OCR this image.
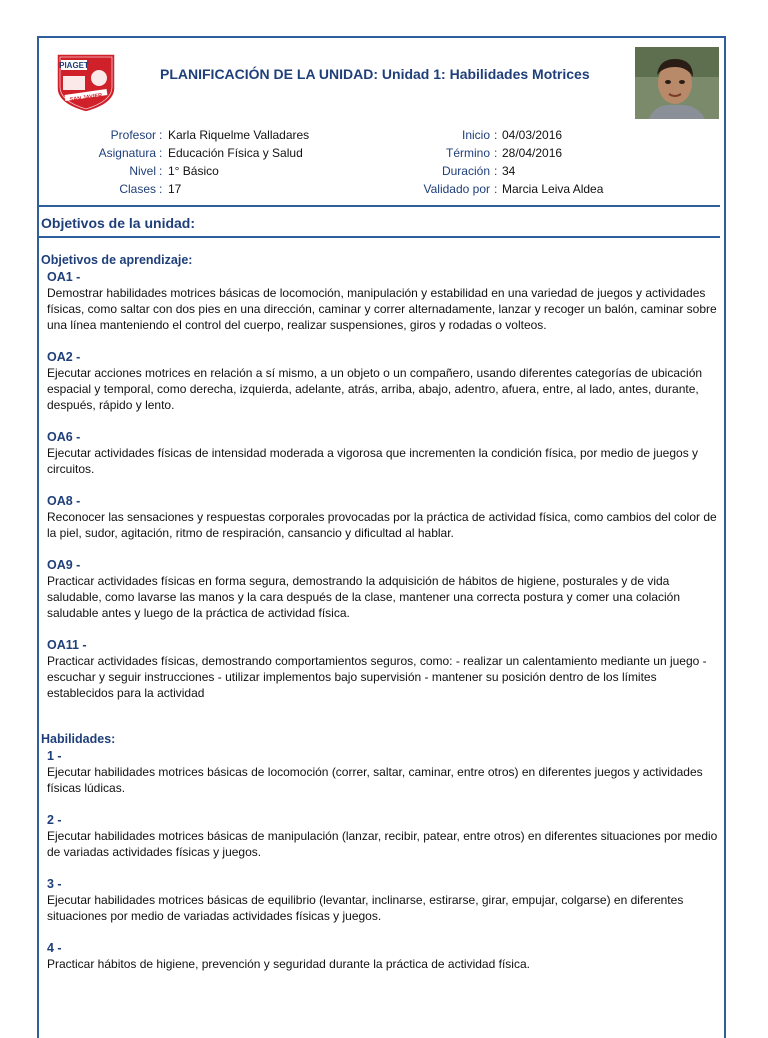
PIAGET
SAN JAVIER
PLANIFICACIÓN DE LA UNIDAD: Unidad 1: Habilidades Motrices
Profesor : Karla Riquelme Valladares	Inicio : 04/03/2016
Asignatura : Educación Física y Salud	Término : 28/04/2016
Nivel : 1° Básico	Duración : 34
Clases : 17	Validado por : Marcia Leiva Aldea
Objetivos de la unidad:
Objetivos de aprendizaje:
OA1 -
Demostrar habilidades motrices básicas de locomoción, manipulación y estabilidad en una variedad de juegos y actividades físicas, como saltar con dos pies en una dirección, caminar y correr alternadamente, lanzar y recoger un balón, caminar sobre una línea manteniendo el control del cuerpo, realizar suspensiones, giros y rodadas o volteos.
OA2 -
Ejecutar acciones motrices en relación a sí mismo, a un objeto o un compañero, usando diferentes categorías de ubicación espacial y temporal, como derecha, izquierda, adelante, atrás, arriba, abajo, adentro, afuera, entre, al lado, antes, durante, después, rápido y lento.
OA6 -
Ejecutar actividades físicas de intensidad moderada a vigorosa que incrementen la condición física, por medio de juegos y circuitos.
OA8 -
Reconocer las sensaciones y respuestas corporales provocadas por la práctica de actividad física, como cambios del color de la piel, sudor, agitación, ritmo de respiración, cansancio y dificultad al hablar.
OA9 -
Practicar actividades físicas en forma segura, demostrando la adquisición de hábitos de higiene, posturales y de vida saludable, como lavarse las manos y la cara después de la clase, mantener una correcta postura y comer una colación saludable antes y luego de la práctica de actividad física.
OA11 -
Practicar actividades físicas, demostrando comportamientos seguros, como: - realizar un calentamiento mediante un juego - escuchar y seguir instrucciones - utilizar implementos bajo supervisión - mantener su posición dentro de los límites establecidos para la actividad
Habilidades:
1 -
Ejecutar habilidades motrices básicas de locomoción (correr, saltar, caminar, entre otros) en diferentes juegos y actividades físicas lúdicas.
2 -
Ejecutar habilidades motrices básicas de manipulación (lanzar, recibir, patear, entre otros) en diferentes situaciones por medio de variadas actividades físicas y juegos.
3 -
Ejecutar habilidades motrices básicas de equilibrio (levantar, inclinarse, estirarse, girar, empujar, colgarse) en diferentes situaciones por medio de variadas actividades físicas y juegos.
4 -
Practicar hábitos de higiene, prevención y seguridad durante la práctica de actividad física.
